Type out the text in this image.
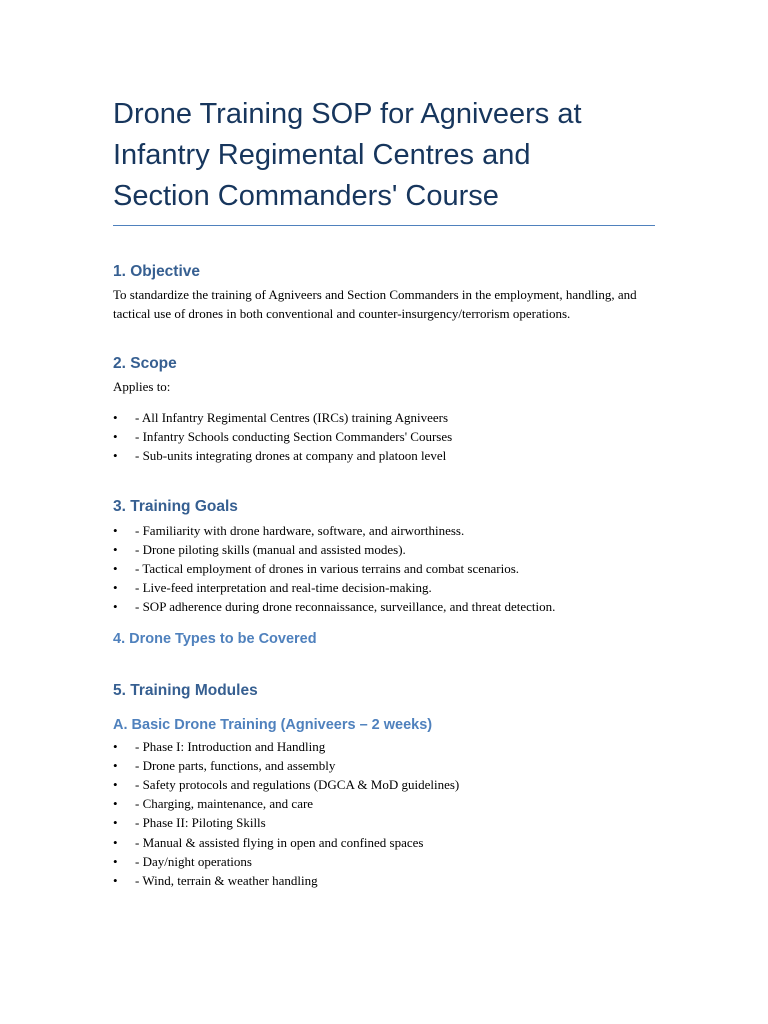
Drone Training SOP for Agniveers at
Infantry Regimental Centres and
Section Commanders' Course
1. Objective

To standardize the training of Agniveers and Section Commanders in the employment, handling, and tactical use of drones in both conventional and counter-insurgency/terrorism operations.

2. Scope

Applies to:

• - All Infantry Regimental Centres (IRCs) training Agniveers
• - Infantry Schools conducting Section Commanders' Courses
• - Sub-units integrating drones at company and platoon level
3. Training Goals
• - Familiarity with drone hardware, software, and airworthiness.
• - Drone piloting skills (manual and assisted modes).
• - Tactical employment of drones in various terrains and combat scenarios.
• - Live-feed interpretation and real-time decision-making.
• - SOP adherence during drone reconnaissance, surveillance, and threat detection.
4. Drone Types to be Covered
5. Training Modules
A. Basic Drone Training (Agniveers – 2 weeks)
• - Phase I: Introduction and Handling
• - Drone parts, functions, and assembly
• - Safety protocols and regulations (DGCA & MoD guidelines)
• - Charging, maintenance, and care
• - Phase II: Piloting Skills
• - Manual & assisted flying in open and confined spaces
• - Day/night operations
• - Wind, terrain & weather handling
